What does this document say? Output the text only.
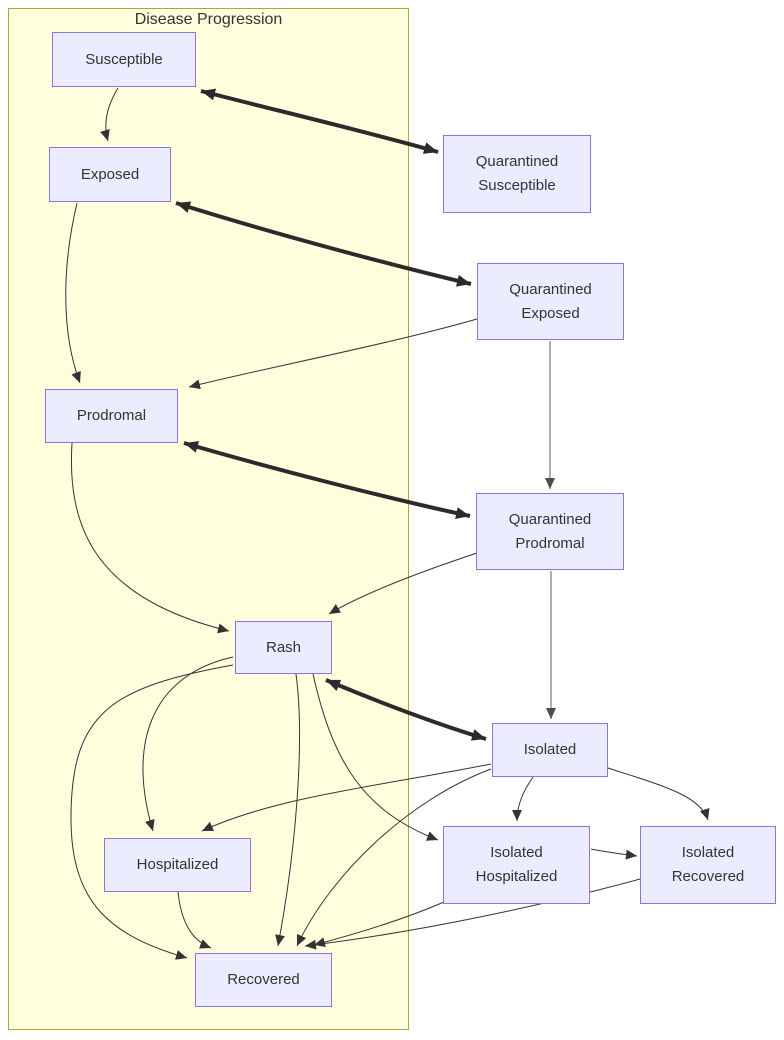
Disease Progression
Susceptible
Exposed
Prodromal
Rash
Hospitalized
Recovered
Quarantined Susceptible
Quarantined Exposed
Quarantined Prodromal
Isolated
Isolated Hospitalized
Isolated Recovered
